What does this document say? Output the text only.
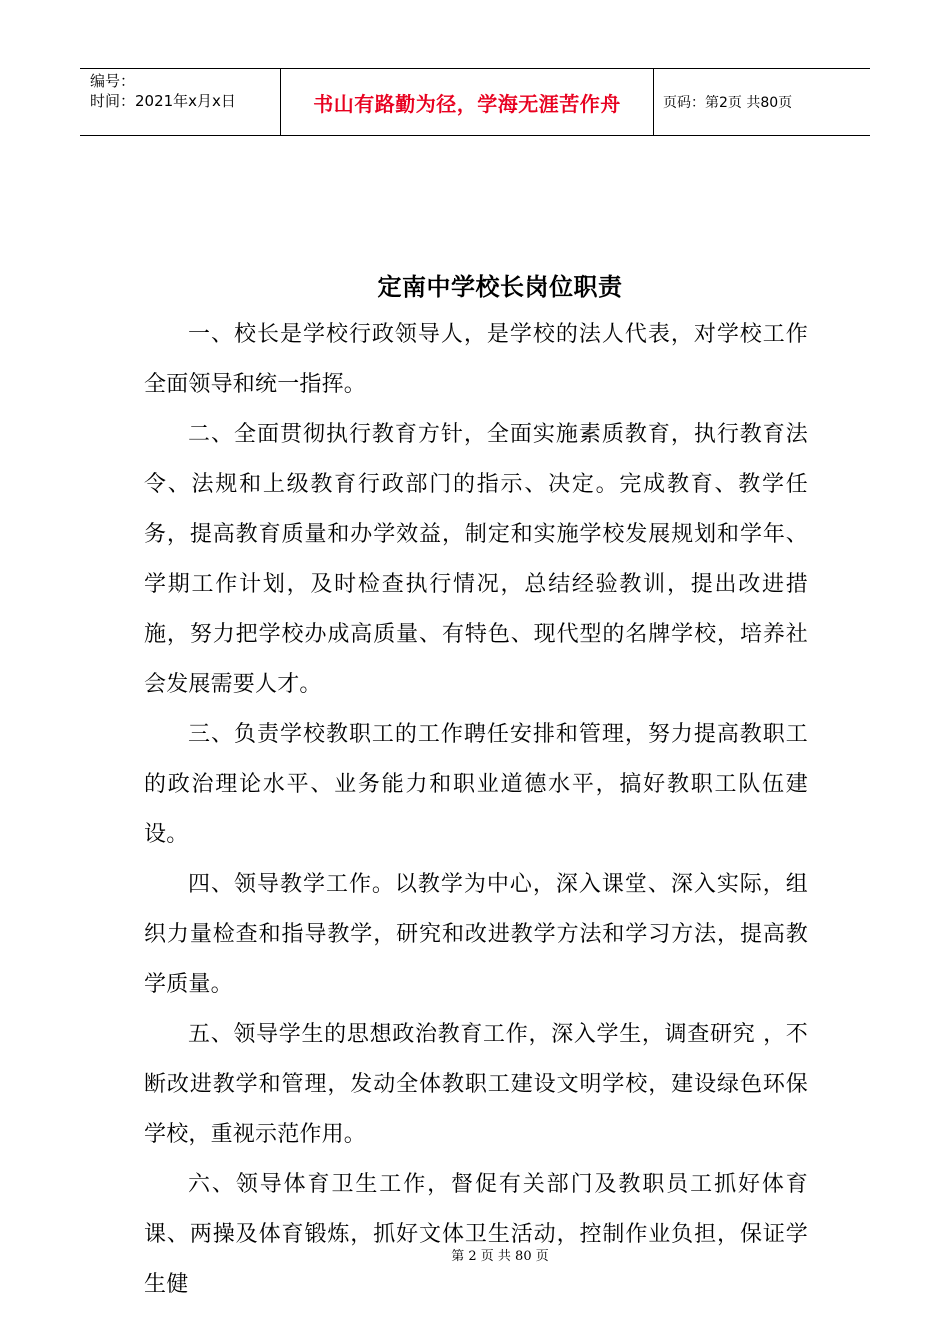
编号：
时间：2021年x月x日	书山有路勤为径，学海无涯苦作舟	页码：第2页 共80页
定南中学校长岗位职责

一、校长是学校行政领导人，是学校的法人代表，对学校工作全面领导和统一指挥。

二、全面贯彻执行教育方针，全面实施素质教育，执行教育法令、法规和上级教育行政部门的指示、决定。完成教育、教学任务，提高教育质量和办学效益，制定和实施学校发展规划和学年、学期工作计划，及时检查执行情况，总结经验教训，提出改进措施，努力把学校办成高质量、有特色、现代型的名牌学校，培养社会发展需要人才。

三、负责学校教职工的工作聘任安排和管理，努力提高教职工的政治理论水平、业务能力和职业道德水平，搞好教职工队伍建设。

四、领导教学工作。以教学为中心，深入课堂、深入实际，组织力量检查和指导教学，研究和改进教学方法和学习方法，提高教学质量。

五、领导学生的思想政治教育工作，深入学生，调查研究 ，不断改进教学和管理，发动全体教职工建设文明学校，建设绿色环保学校，重视示范作用。

六、领导体育卫生工作，督促有关部门及教职员工抓好体育课、两操及体育锻炼，抓好文体卫生活动，控制作业负担，保证学生健

第 2 页 共 80 页
